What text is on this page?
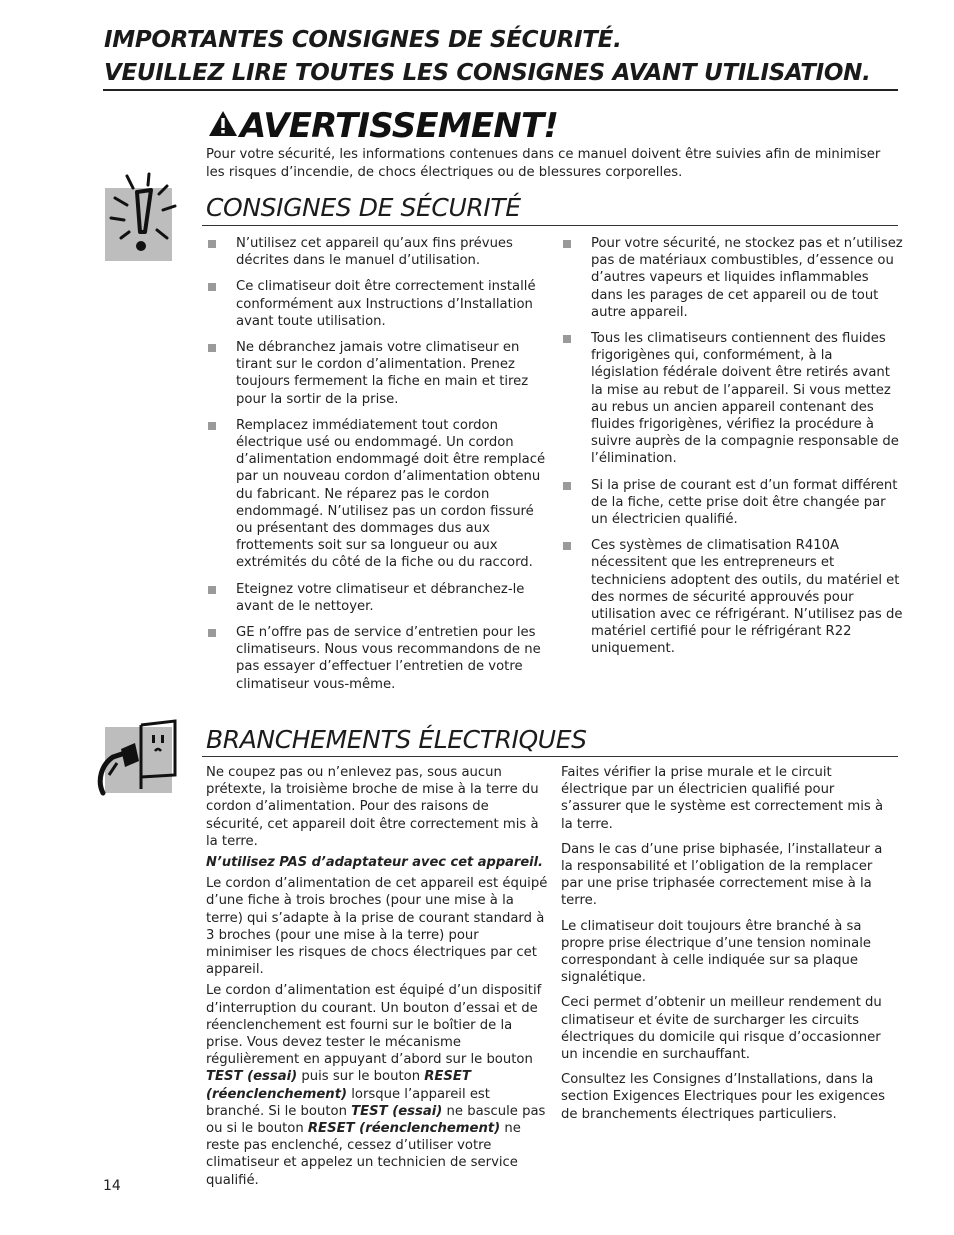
IMPORTANTES CONSIGNES DE SÉCURITÉ.
VEUILLEZ LIRE TOUTES LES CONSIGNES AVANT UTILISATION.
AVERTISSEMENT!
Pour votre sécurité, les informations contenues dans ce manuel doivent être suivies afin de minimiser les risques d’incendie, de chocs électriques ou de blessures corporelles.
CONSIGNES DE SÉCURITÉ
N’utilisez cet appareil qu’aux fins prévues décrites dans le manuel d’utilisation.
Ce climatiseur doit être correctement installé conformément aux Instructions d’Installation avant toute utilisation.
Ne débranchez jamais votre climatiseur en tirant sur le cordon d’alimentation. Prenez toujours fermement la fiche en main et tirez pour la sortir de la prise.
Remplacez immédiatement tout cordon électrique usé ou endommagé. Un cordon d’alimentation endommagé doit être remplacé par un nouveau cordon d’alimentation obtenu du fabricant. Ne réparez pas le cordon endommagé. N’utilisez pas un cordon fissuré ou présentant des dommages dus aux frottements soit sur sa longueur ou aux extrémités du côté de la fiche ou du raccord.
Eteignez votre climatiseur et débranchez-le avant de le nettoyer.
GE n’offre pas de service d’entretien pour les climatiseurs. Nous vous recommandons de ne pas essayer d’effectuer l’entretien de votre climatiseur vous-même.
Pour votre sécurité, ne stockez pas et n’utilisez pas de matériaux combustibles, d’essence ou d’autres vapeurs et liquides inflammables dans les parages de cet appareil ou de tout autre appareil.
Tous les climatiseurs contiennent des fluides frigorigènes qui, conformément, à la législation fédérale doivent être retirés avant la mise au rebut de l’appareil. Si vous mettez au rebus un ancien appareil contenant des fluides frigorigènes, vérifiez la procédure à suivre auprès de la compagnie responsable de l’élimination.
Si la prise de courant est d’un format différent de la fiche, cette prise doit être changée par un électricien qualifié.
Ces systèmes de climatisation R410A nécessitent que les entrepreneurs et techniciens adoptent des outils, du matériel et des normes de sécurité approuvés pour utilisation avec ce réfrigérant. N’utilisez pas de matériel certifié pour le réfrigérant R22 uniquement.
BRANCHEMENTS ÉLECTRIQUES

Ne coupez pas ou n’enlevez pas, sous aucun prétexte, la troisième broche de mise à la terre du cordon d’alimentation. Pour des raisons de sécurité, cet appareil doit être correctement mis à la terre.

N’utilisez PAS d’adaptateur avec cet appareil.

Le cordon d’alimentation de cet appareil est équipé d’une fiche à trois broches (pour une mise à la terre) qui s’adapte à la prise de courant standard à 3 broches (pour une mise à la terre) pour minimiser les risques de chocs électriques par cet appareil.

Le cordon d’alimentation est équipé d’un dispositif d’interruption du courant. Un bouton d’essai et de réenclenchement est fourni sur le boîtier de la prise. Vous devez tester le mécanisme régulièrement en appuyant d’abord sur le bouton TEST (essai) puis sur le bouton RESET (réenclenchement) lorsque l’appareil est branché. Si le bouton TEST (essai) ne bascule pas ou si le bouton RESET (réenclenchement) ne reste pas enclenché, cessez d’utiliser votre climatiseur et appelez un technicien de service qualifié.

Faites vérifier la prise murale et le circuit électrique par un électricien qualifié pour s’assurer que le système est correctement mis à la terre.

Dans le cas d’une prise biphasée, l’installateur a la responsabilité et l’obligation de la remplacer par une prise triphasée correctement mise à la terre.

Le climatiseur doit toujours être branché à sa propre prise électrique d’une tension nominale correspondant à celle indiquée sur sa plaque signalétique.

Ceci permet d’obtenir un meilleur rendement du climatiseur et évite de surcharger les circuits électriques du domicile qui risque d’occasionner un incendie en surchauffant.

Consultez les Consignes d’Installations, dans la section Exigences Electriques pour les exigences de branchements électriques particuliers.

14
